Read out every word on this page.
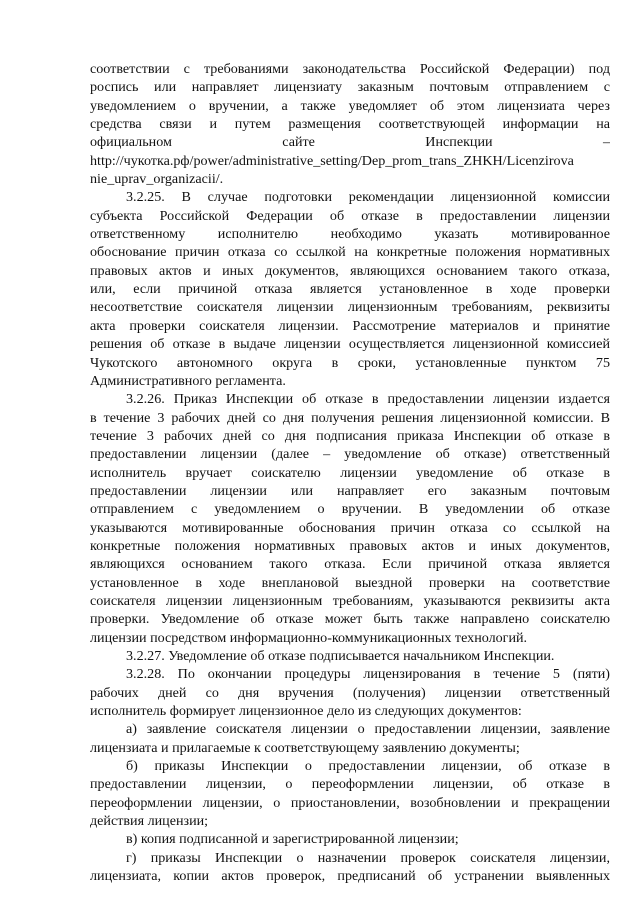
соответствии с требованиями законодательства Российской Федерации) под
роспись или направляет лицензиату заказным почтовым отправлением с
уведомлением о вручении, а также уведомляет об этом лицензиата через
средства связи и путем размещения соответствующей информации на
официальном сайте Инспекции –
http://чукотка.рф/power/administrative_setting/Dep_prom_trans_ZHKH/Licenzirova
nie_uprav_organizacii/.
3.2.25. В случае подготовки рекомендации лицензионной комиссии
субъекта Российской Федерации об отказе в предоставлении лицензии
ответственному исполнителю необходимо указать мотивированное
обоснование причин отказа со ссылкой на конкретные положения нормативных
правовых актов и иных документов, являющихся основанием такого отказа,
или, если причиной отказа является установленное в ходе проверки
несоответствие соискателя лицензии лицензионным требованиям, реквизиты
акта проверки соискателя лицензии. Рассмотрение материалов и принятие
решения об отказе в выдаче лицензии осуществляется лицензионной комиссией
Чукотского автономного округа в сроки, установленные пунктом 75
Административного регламента.
3.2.26. Приказ Инспекции об отказе в предоставлении лицензии издается
в течение 3 рабочих дней со дня получения решения лицензионной комиссии. В
течение 3 рабочих дней со дня подписания приказа Инспекции об отказе в
предоставлении лицензии (далее – уведомление об отказе) ответственный
исполнитель вручает соискателю лицензии уведомление об отказе в
предоставлении лицензии или направляет его заказным почтовым
отправлением с уведомлением о вручении. В уведомлении об отказе
указываются мотивированные обоснования причин отказа со ссылкой на
конкретные положения нормативных правовых актов и иных документов,
являющихся основанием такого отказа. Если причиной отказа является
установленное в ходе внеплановой выездной проверки на соответствие
соискателя лицензии лицензионным требованиям, указываются реквизиты акта
проверки. Уведомление об отказе может быть также направлено соискателю
лицензии посредством информационно-коммуникационных технологий.
3.2.27. Уведомление об отказе подписывается начальником Инспекции.
3.2.28. По окончании процедуры лицензирования в течение 5 (пяти)
рабочих дней со дня вручения (получения) лицензии ответственный
исполнитель формирует лицензионное дело из следующих документов:
а) заявление соискателя лицензии о предоставлении лицензии, заявление
лицензиата и прилагаемые к соответствующему заявлению документы;
б) приказы Инспекции о предоставлении лицензии, об отказе в
предоставлении лицензии, о переоформлении лицензии, об отказе в
переоформлении лицензии, о приостановлении, возобновлении и прекращении
действия лицензии;
в) копия подписанной и зарегистрированной лицензии;
г) приказы Инспекции о назначении проверок соискателя лицензии,
лицензиата, копии актов проверок, предписаний об устранении выявленных
